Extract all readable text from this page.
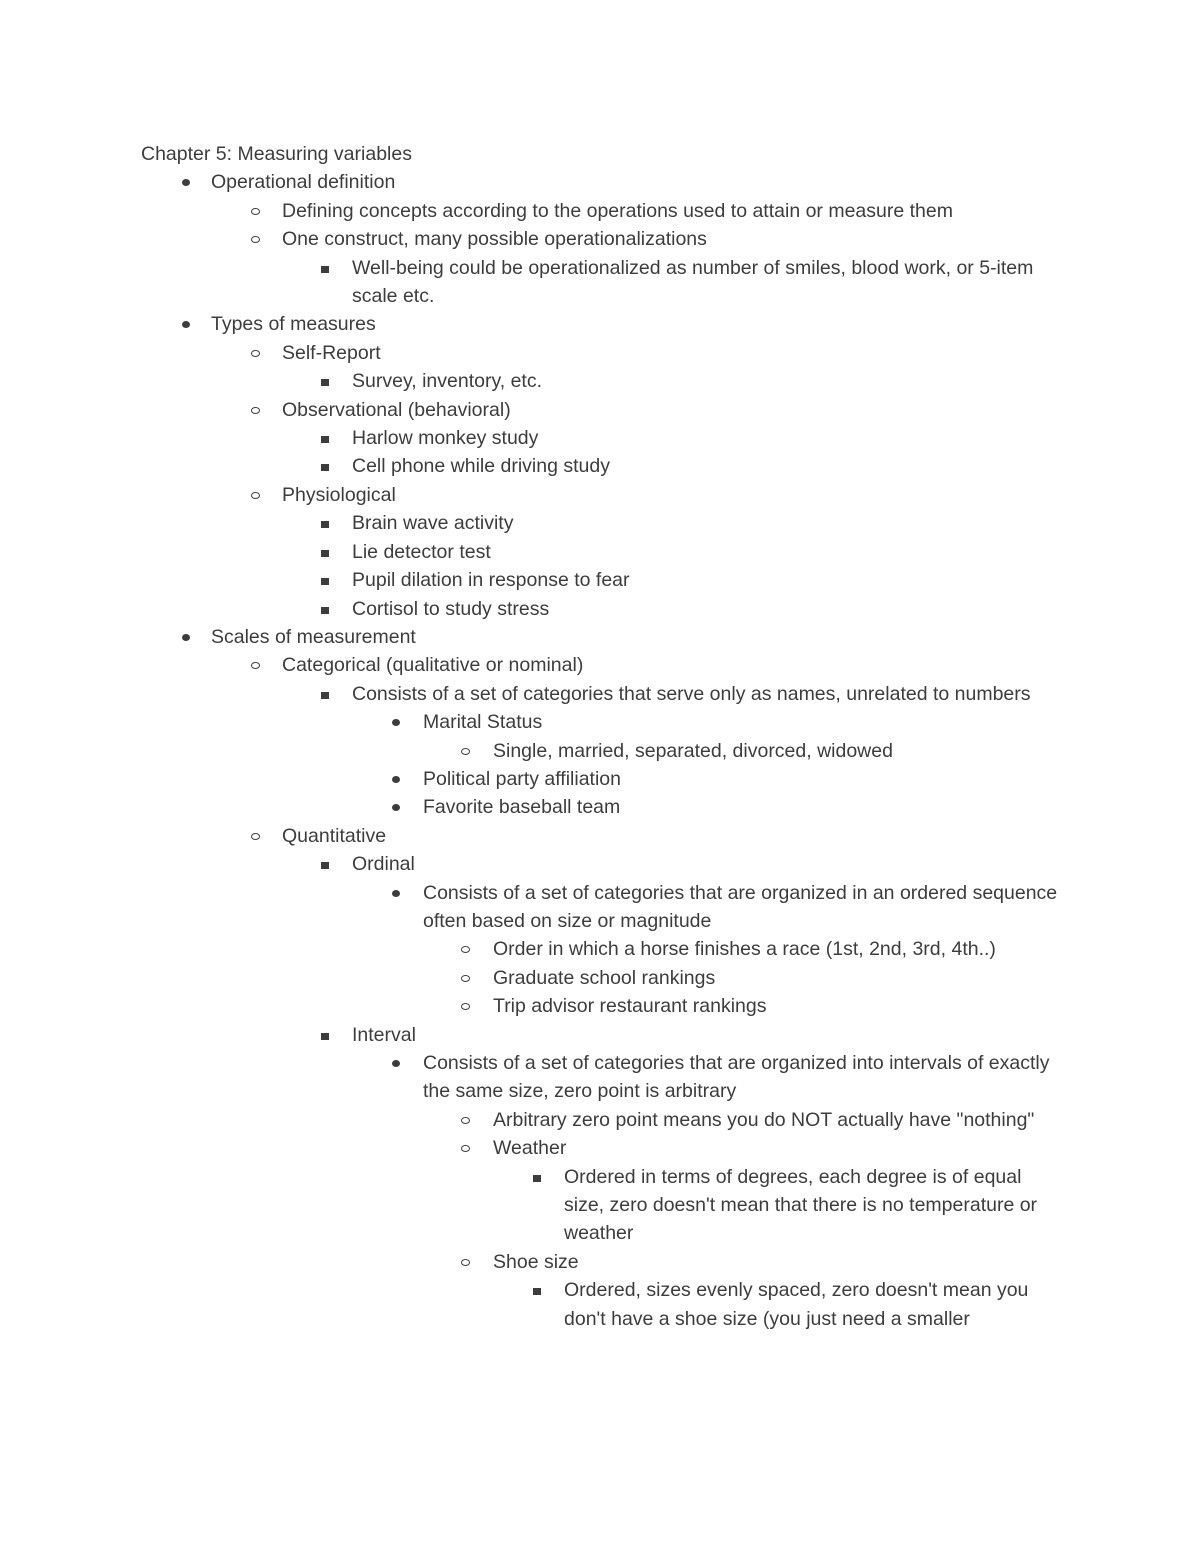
Chapter 5: Measuring variables
Operational definition
Defining concepts according to the operations used to attain or measure them
One construct, many possible operationalizations
Well-being could be operationalized as number of smiles, blood work, or 5-item scale etc.
Types of measures
Self-Report
Survey, inventory, etc.
Observational (behavioral)
Harlow monkey study
Cell phone while driving study
Physiological
Brain wave activity
Lie detector test
Pupil dilation in response to fear
Cortisol to study stress
Scales of measurement
Categorical (qualitative or nominal)
Consists of a set of categories that serve only as names, unrelated to numbers
Marital Status
Single, married, separated, divorced, widowed
Political party affiliation
Favorite baseball team
Quantitative
Ordinal
Consists of a set of categories that are organized in an ordered sequence often based on size or magnitude
Order in which a horse finishes a race (1st, 2nd, 3rd, 4th..)
Graduate school rankings
Trip advisor restaurant rankings
Interval
Consists of a set of categories that are organized into intervals of exactly the same size, zero point is arbitrary
Arbitrary zero point means you do NOT actually have "nothing"
Weather
Ordered in terms of degrees, each degree is of equal size, zero doesn't mean that there is no temperature or weather
Shoe size
Ordered, sizes evenly spaced, zero doesn't mean you don't have a shoe size (you just need a smaller
